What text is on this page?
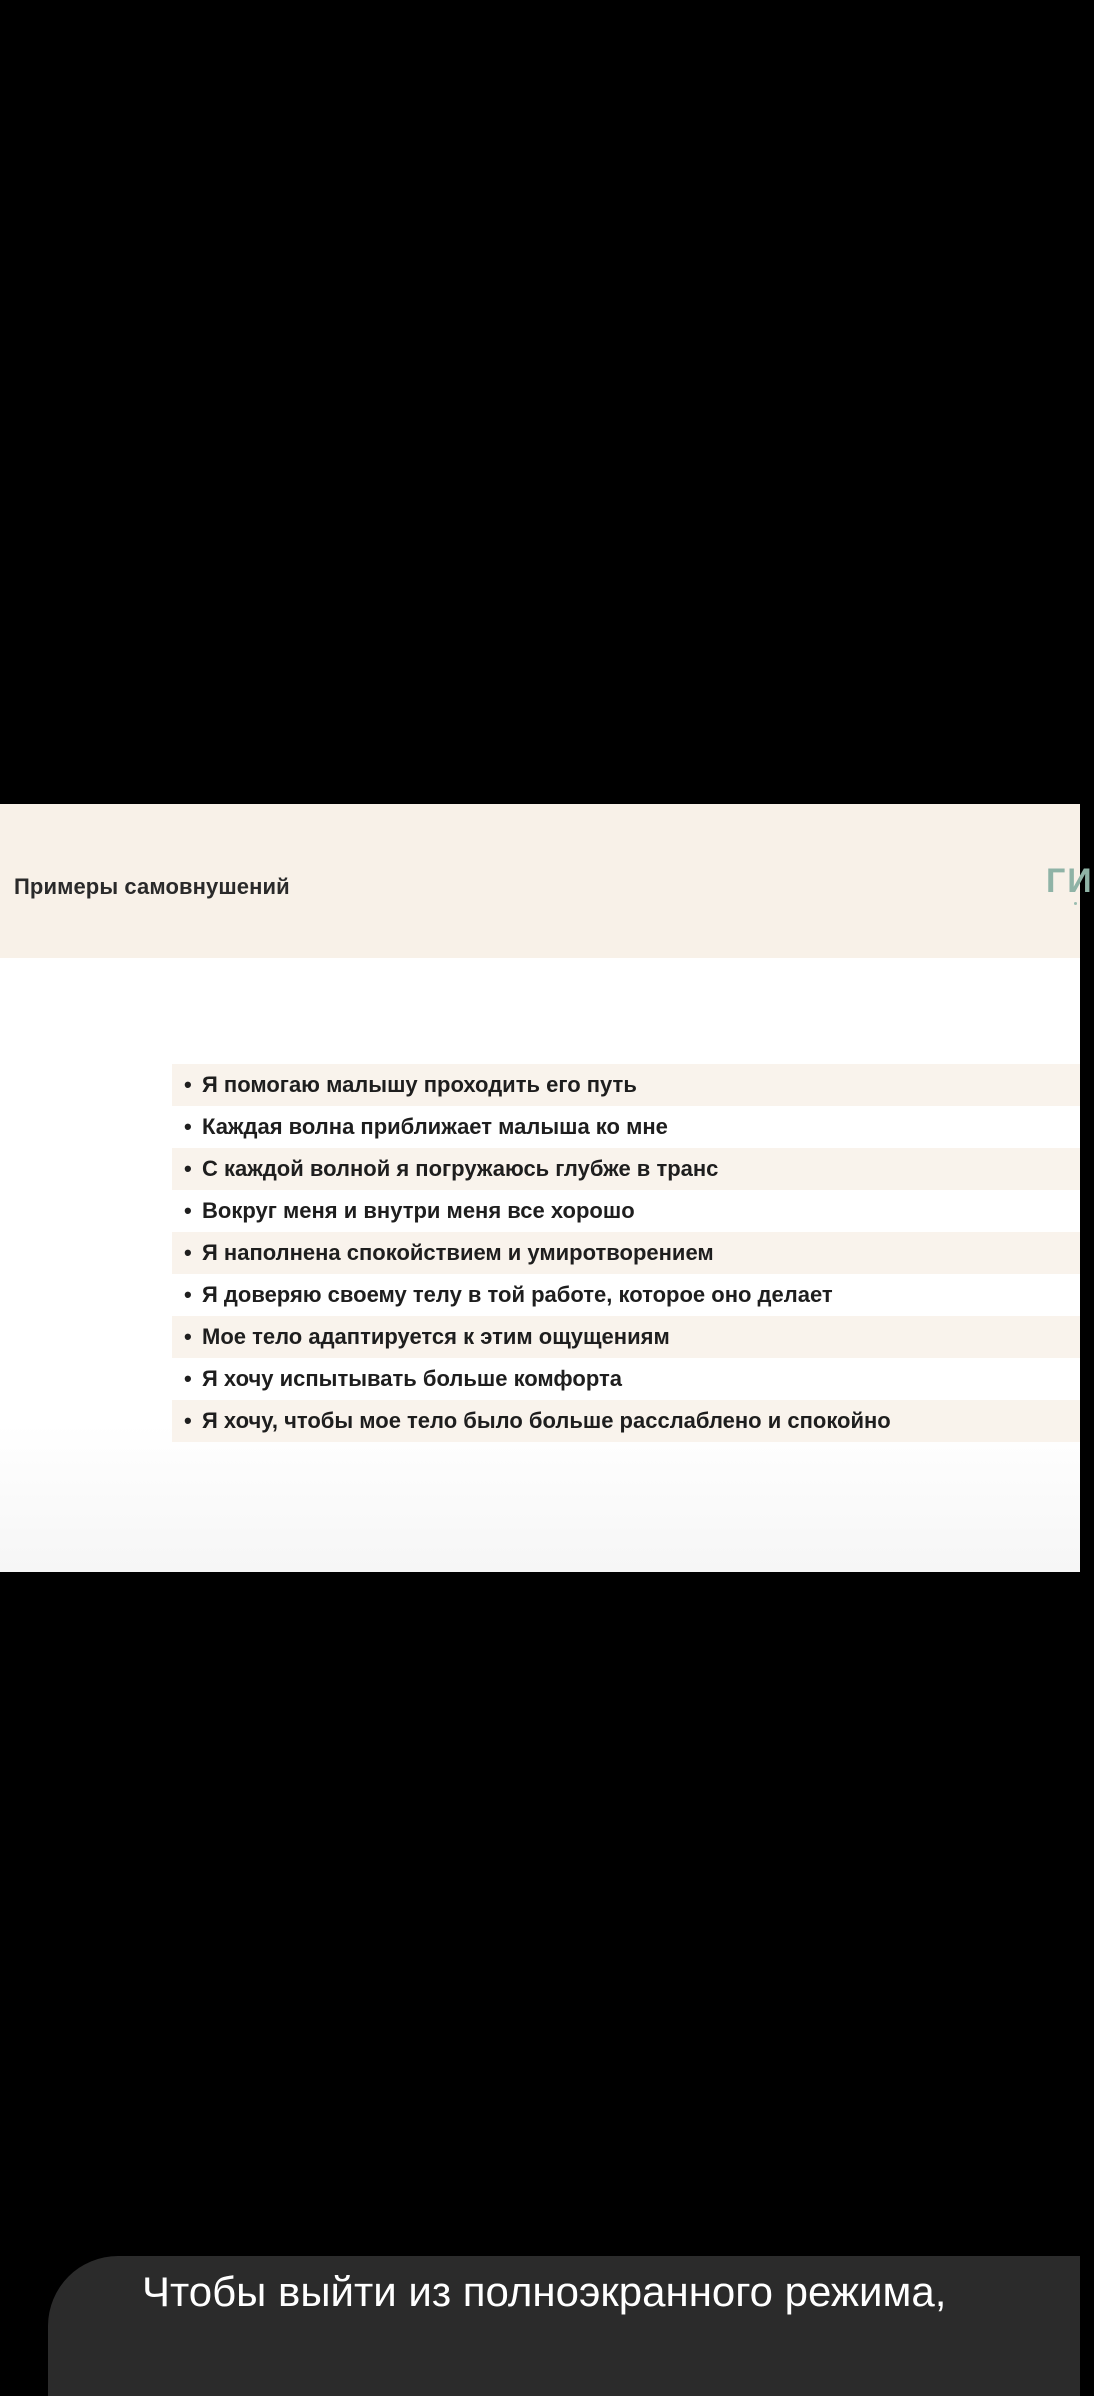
Примеры самовнушений	ГИ
• Я помогаю малышу проходить его путь
• Каждая волна приближает малыша ко мне
• С каждой волной я погружаюсь глубже в транс
• Вокруг меня и внутри меня все хорошо
• Я наполнена спокойствием и умиротворением
• Я доверяю своему телу в той работе, которое оно делает
• Мое тело адаптируется к этим ощущениям
• Я хочу испытывать больше комфорта
• Я хочу, чтобы мое тело было больше расслаблено и спокойно
Чтобы выйти из полноэкранного режима,
